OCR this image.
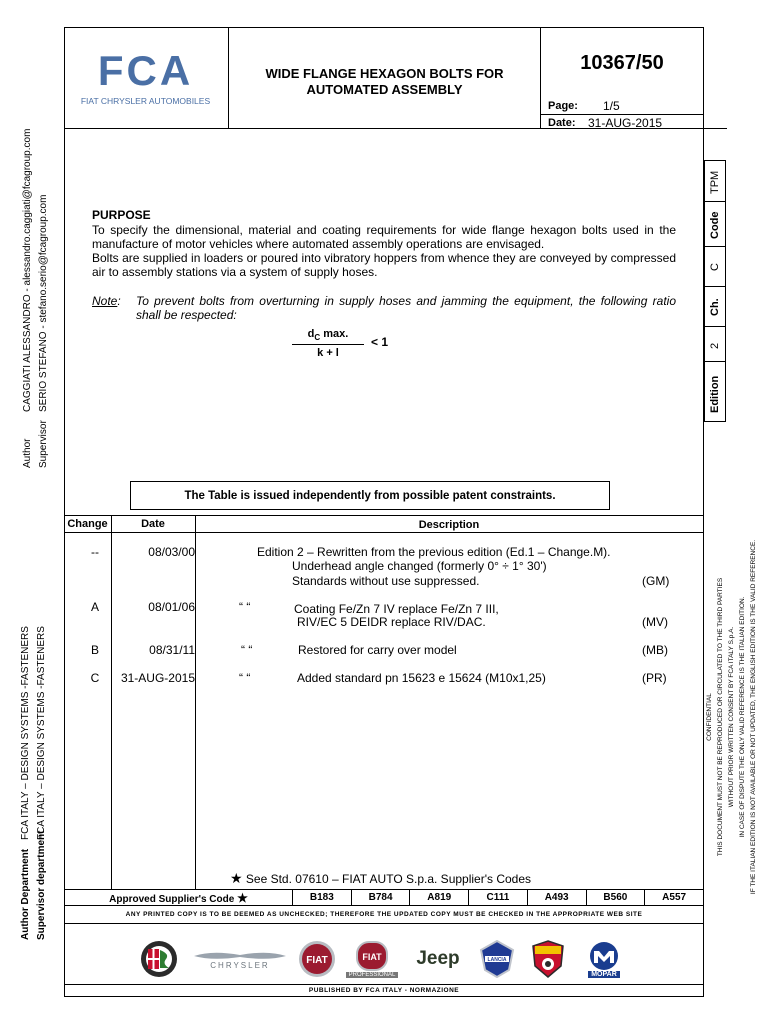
FCA
FIAT CHRYSLER AUTOMOBILES
WIDE FLANGE HEXAGON BOLTS FOR
AUTOMATED ASSEMBLY
10367/50
Page: 1/5
Date: 31-AUG-2015
TPM
Code
C
Ch.
2
Edition
Author
CAGGIATI ALESSANDRO - alessandro.caggiati@fcagroup.com
Supervisor
SERIO STEFANO - stefano.serio@fcagroup.com
Author Department
FCA ITALY – DESIGN SYSTEMS -FASTENERS
Supervisor department
FCA ITALY – DESIGN SYSTEMS -FASTENERS
PURPOSE
To specify the dimensional, material and coating requirements for wide flange hexagon bolts used in the manufacture of motor vehicles where automated assembly operations are envisaged.
Bolts are supplied in loaders or poured into vibratory hoppers from whence they are conveyed by compressed air to assembly stations via a system of supply hoses.
Note: To prevent bolts from overturning in supply hoses and jamming the equipment, the following ratio shall be respected:
$d_C$ max.
k + l
< 1
The Table is issued independently from possible patent constraints.
Change	Date	Description
--	08/03/00	Edition 2 – Rewritten from the previous edition (Ed.1 – Change.M).
Underhead angle changed (formerly 0° ÷ 1° 30')
Standards without use suppressed.	(GM)
A	08/01/06	“ “	Coating Fe/Zn 7 IV replace Fe/Zn 7 III,
RIV/EC 5 DEIDR replace RIV/DAC.	(MV)
B	08/31/11	“ “	Restored for carry over model	(MB)
C	31-AUG-2015	“ “	Added standard pn 15623 e 15624 (M10x1,25)	(PR)
★ See Std. 07610 – FIAT AUTO S.p.a. Supplier's Codes
Approved Supplier's Code ★	B183	B784	A819	C111	A493	B560	A557
ANY PRINTED COPY IS TO BE DEEMED AS UNCHECKED; THEREFORE THE UPDATED COPY MUST BE CHECKED IN THE APPROPRIATE WEB SITE
CHRYSLER	FIAT	FIAT
PROFESSIONAL
Jeep	LANCIA
MOPAR
PUBLISHED BY FCA ITALY - NORMAZIONE
CONFIDENTIAL THIS DOCUMENT MUST NOT BE REPRODUCED OR CIRCULATED TO THE THIRD PARTIES WITHOUT PRIOR WRITTEN CONSENT BY FCA ITALY S.p.A. IN CASE OF DISPUTE THE ONLY VALID REFERENCE IS THE ITALIAN EDITION. IF THE ITALIAN EDITION IS NOT AVAILABLE OR NOT UPDATED, THE ENGLISH EDITION IS THE VALID REFERENCE.
